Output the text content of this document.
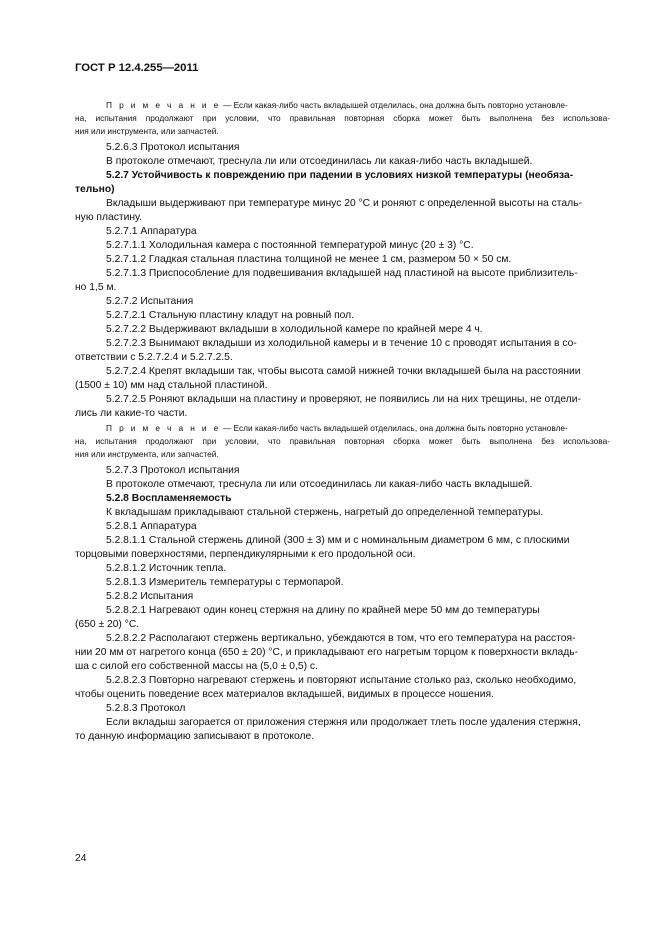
ГОСТ Р 12.4.255—2011
П р и м е ч а н и е — Если какая-либо часть вкладышей отделилась, она должна быть повторно установле-
на, испытания продолжают при условии, что правильная повторная сборка может быть выполнена без использова-
ния или инструмента, или запчастей.
5.2.6.3 Протокол испытания
В протоколе отмечают, треснула ли или отсоединилась ли какая-либо часть вкладышей.
5.2.7 Устойчивость к повреждению при падении в условиях низкой температуры (необяза-
тельно)
Вкладыши выдерживают при температуре минус 20 °С и роняют с определенной высоты на сталь-
ную пластину.
5.2.7.1 Аппаратура
5.2.7.1.1 Холодильная камера с постоянной температурой минус (20 ± 3) °С.
5.2.7.1.2 Гладкая стальная пластина толщиной не менее 1 см, размером 50 × 50 см.
5.2.7.1.3 Приспособление для подвешивания вкладышей над пластиной на высоте приблизитель-
но 1,5 м.
5.2.7.2 Испытания
5.2.7.2.1 Стальную пластину кладут на ровный пол.
5.2.7.2.2 Выдерживают вкладыши в холодильной камере по крайней мере 4 ч.
5.2.7.2.3 Вынимают вкладыши из холодильной камеры и в течение 10 с проводят испытания в со-
ответствии с 5.2.7.2.4 и 5.2.7.2.5.
5.2.7.2.4 Крепят вкладыши так, чтобы высота самой нижней точки вкладышей была на расстоянии
(1500 ± 10) мм над стальной пластиной.
5.2.7.2.5 Роняют вкладыши на пластину и проверяют, не появились ли на них трещины, не отдели-
лись ли какие-то части.
П р и м е ч а н и е — Если какая-либо часть вкладышей отделилась, она должна быть повторно установле-
на, испытания продолжают при условии, что правильная повторная сборка может быть выполнена без использова-
ния или инструмента, или запчастей.
5.2.7.3 Протокол испытания
В протоколе отмечают, треснула ли или отсоединилась ли какая-либо часть вкладышей.
5.2.8 Воспламеняемость
К вкладышам прикладывают стальной стержень, нагретый до определенной температуры.
5.2.8.1 Аппаратура
5.2.8.1.1 Стальной стержень длиной (300 ± 3) мм и с номинальным диаметром 6 мм, с плоскими
торцовыми поверхностями, перпендикулярными к его продольной оси.
5.2.8.1.2 Источник тепла.
5.2.8.1.3 Измеритель температуры с термопарой.
5.2.8.2 Испытания
5.2.8.2.1 Нагревают один конец стержня на длину по крайней мере 50 мм до температуры
(650 ± 20) °С.
5.2.8.2.2 Располагают стержень вертикально, убеждаются в том, что его температура на расстоя-
нии 20 мм от нагретого конца (650 ± 20) °С, и прикладывают его нагретым торцом к поверхности вкладь-
ша с силой его собственной массы на (5,0 ± 0,5) с.
5.2.8.2.3 Повторно нагревают стержень и повторяют испытание столько раз, сколько необходимо,
чтобы оценить поведение всех материалов вкладышей, видимых в процессе ношения.
5.2.8.3 Протокол
Если вкладыш загорается от приложения стержня или продолжает тлеть после удаления стержня,
то данную информацию записывают в протоколе.
24
